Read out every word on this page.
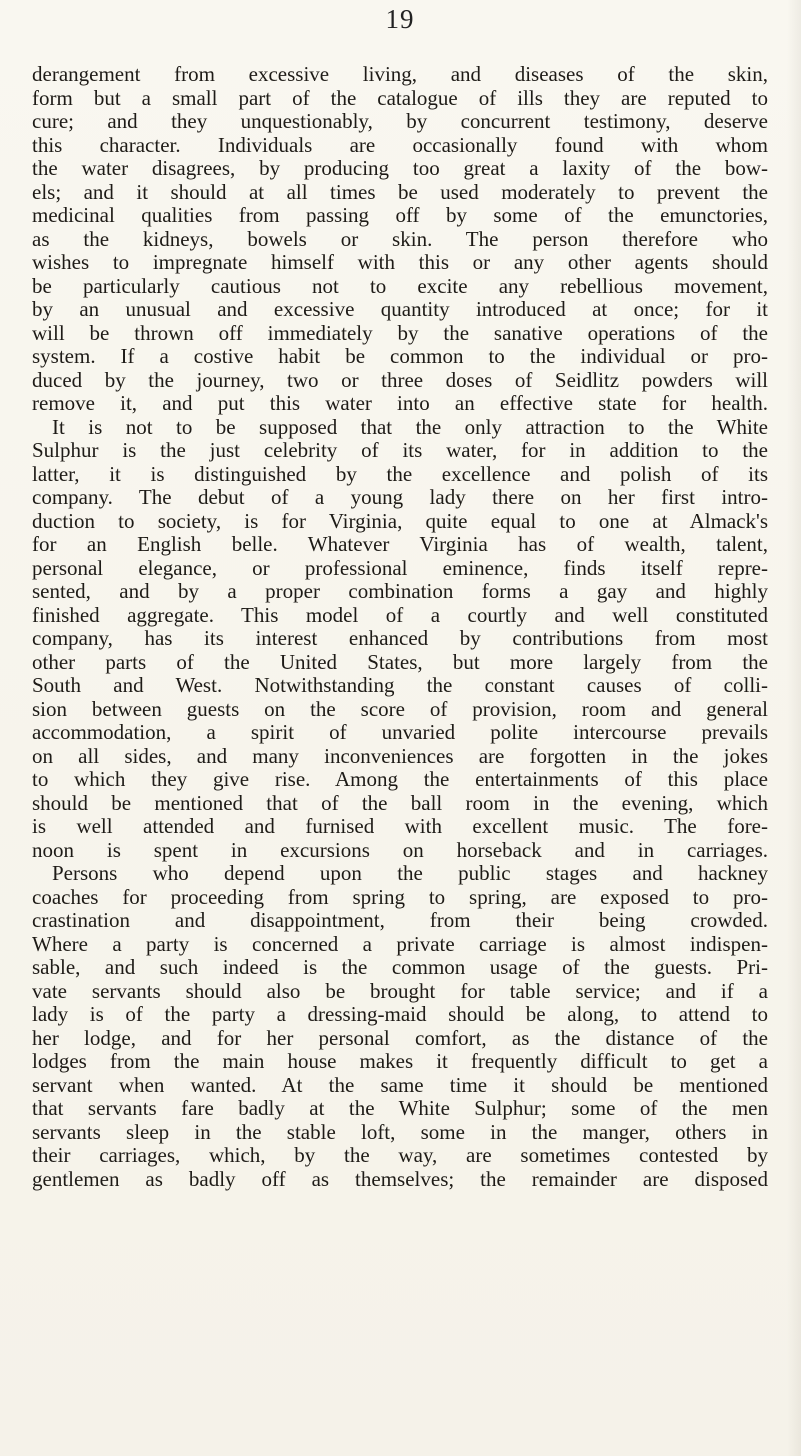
19
derangement from excessive living, and diseases of the skin,
form but a small part of the catalogue of ills they are reputed to
cure; and they unquestionably, by concurrent testimony, deserve
this character. Individuals are occasionally found with whom
the water disagrees, by producing too great a laxity of the bow-
els; and it should at all times be used moderately to prevent the
medicinal qualities from passing off by some of the emunctories,
as the kidneys, bowels or skin. The person therefore who
wishes to impregnate himself with this or any other agents should
be particularly cautious not to excite any rebellious movement,
by an unusual and excessive quantity introduced at once; for it
will be thrown off immediately by the sanative operations of the
system. If a costive habit be common to the individual or pro-
duced by the journey, two or three doses of Seidlitz powders will
remove it, and put this water into an effective state for health.
It is not to be supposed that the only attraction to the White
Sulphur is the just celebrity of its water, for in addition to the
latter, it is distinguished by the excellence and polish of its
company. The debut of a young lady there on her first intro-
duction to society, is for Virginia, quite equal to one at Almack's
for an English belle. Whatever Virginia has of wealth, talent,
personal elegance, or professional eminence, finds itself repre-
sented, and by a proper combination forms a gay and highly
finished aggregate. This model of a courtly and well constituted
company, has its interest enhanced by contributions from most
other parts of the United States, but more largely from the
South and West. Notwithstanding the constant causes of colli-
sion between guests on the score of provision, room and general
accommodation, a spirit of unvaried polite intercourse prevails
on all sides, and many inconveniences are forgotten in the jokes
to which they give rise. Among the entertainments of this place
should be mentioned that of the ball room in the evening, which
is well attended and furnised with excellent music. The fore-
noon is spent in excursions on horseback and in carriages.
Persons who depend upon the public stages and hackney
coaches for proceeding from spring to spring, are exposed to pro-
crastination and disappointment, from their being crowded.
Where a party is concerned a private carriage is almost indispen-
sable, and such indeed is the common usage of the guests. Pri-
vate servants should also be brought for table service; and if a
lady is of the party a dressing-maid should be along, to attend to
her lodge, and for her personal comfort, as the distance of the
lodges from the main house makes it frequently difficult to get a
servant when wanted. At the same time it should be mentioned
that servants fare badly at the White Sulphur; some of the men
servants sleep in the stable loft, some in the manger, others in
their carriages, which, by the way, are sometimes contested by
gentlemen as badly off as themselves; the remainder are disposed
